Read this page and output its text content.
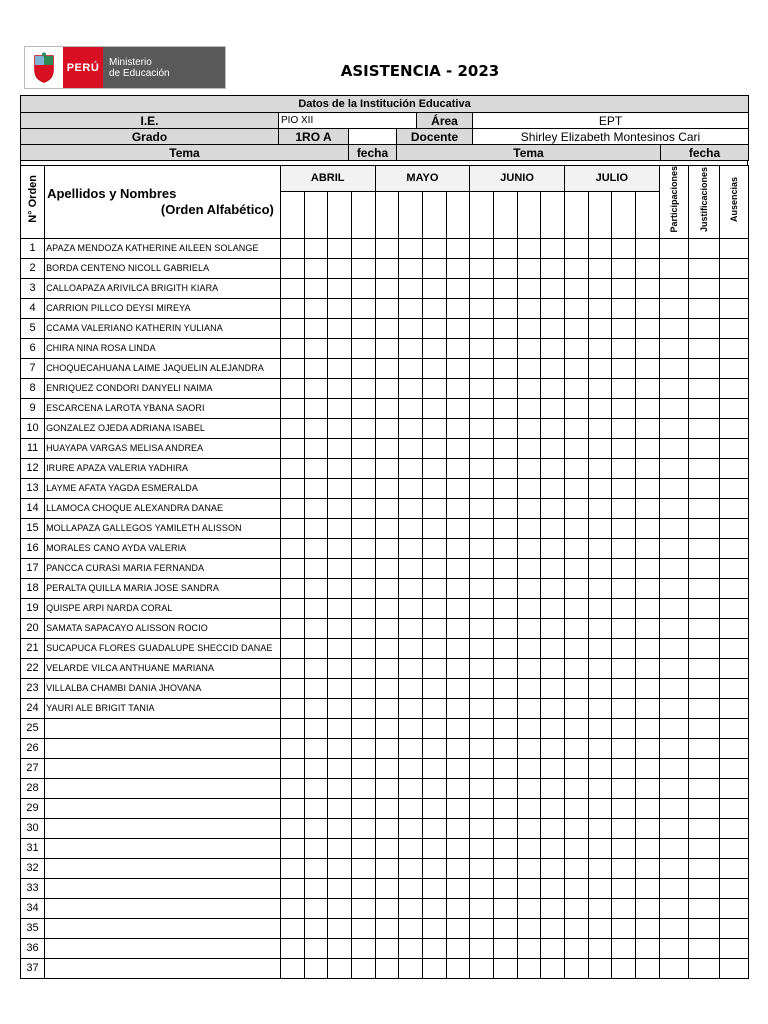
PERÚ Ministerio
de Educación	ASISTENCIA - 2023
Datos de la Institución Educativa						
I.E.	PIO XII			Área	EPT	
Grado	1RO A		Docente		Shirley Elizabeth Montesinos Cari	
Tema		fecha	Tema			fecha
N° Orden	Apellidos y Nombres
(Orden Alfabético)	ABRIL				MAYO				JUNIO				JULIO				Participaciones	Justificaciones	Ausencias

1	APAZA MENDOZA KATHERINE AILEEN SOLANGE																			
2	BORDA CENTENO NICOLL GABRIELA																			
3	CALLOAPAZA ARIVILCA BRIGITH KIARA																			
4	CARRION PILLCO DEYSI MIREYA																			
5	CCAMA VALERIANO KATHERIN YULIANA																			
6	CHIRA NINA ROSA LINDA																			
7	CHOQUECAHUANA LAIME JAQUELIN ALEJANDRA																			
8	ENRIQUEZ CONDORI DANYELI NAIMA																			
9	ESCARCENA LAROTA YBANA SAORI																			
10	GONZALEZ OJEDA ADRIANA ISABEL																			
11	HUAYAPA VARGAS MELISA ANDREA																			
12	IRURE APAZA VALERIA YADHIRA																			
13	LAYME AFATA YAGDA ESMERALDA																			
14	LLAMOCA CHOQUE ALEXANDRA DANAE																			
15	MOLLAPAZA GALLEGOS YAMILETH ALISSON																			
16	MORALES CANO AYDA VALERIA																			
17	PANCCA CURASI MARIA FERNANDA																			
18	PERALTA QUILLA MARIA JOSE SANDRA																			
19	QUISPE ARPI NARDA CORAL																			
20	SAMATA SAPACAYO ALISSON ROCIO																			
21	SUCAPUCA FLORES GUADALUPE SHECCID DANAE																			
22	VELARDE VILCA ANTHUANE MARIANA																			
23	VILLALBA CHAMBI DANIA JHOVANA																			
24	YAURI ALE BRIGIT TANIA																			
25																				
26																				
27																				
28																				
29																				
30																				
31																				
32																				
33																				
34																				
35																				
36																				
37																				
